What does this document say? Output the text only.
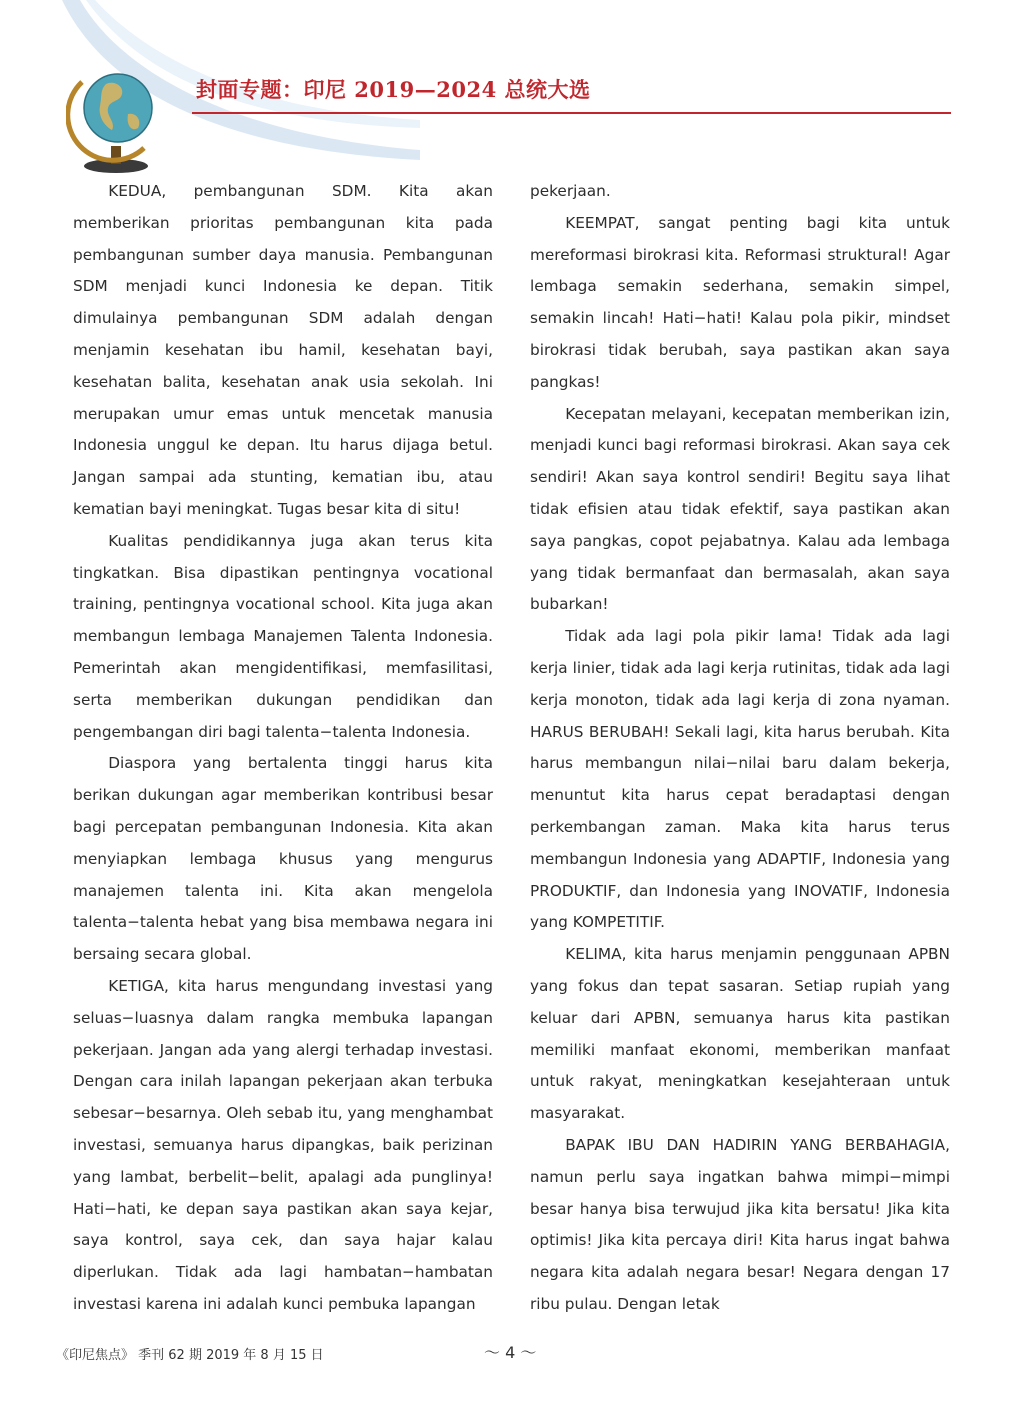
封面专题：印尼 2019—2024 总统大选

KEDUA, pembangunan SDM. Kita akan memberikan prioritas pembangunan kita pada pembangunan sumber daya manusia. Pembangunan SDM menjadi kunci Indonesia ke depan. Titik dimulainya pembangunan SDM adalah dengan menjamin kesehatan ibu hamil, kesehatan bayi, kesehatan balita, kesehatan anak usia sekolah. Ini merupakan umur emas untuk mencetak manusia Indonesia unggul ke depan. Itu harus dijaga betul. Jangan sampai ada stunting, kematian ibu, atau kematian bayi meningkat. Tugas besar kita di situ!

Kualitas pendidikannya juga akan terus kita tingkatkan. Bisa dipastikan pentingnya vocational training, pentingnya vocational school. Kita juga akan membangun lembaga Manajemen Talenta Indonesia. Pemerintah akan mengidentifikasi, memfasilitasi, serta memberikan dukungan pendidikan dan pengembangan diri bagi talenta−talenta Indonesia.

Diaspora yang bertalenta tinggi harus kita berikan dukungan agar memberikan kontribusi besar bagi percepatan pembangunan Indonesia. Kita akan menyiapkan lembaga khusus yang mengurus manajemen talenta ini. Kita akan mengelola talenta−talenta hebat yang bisa membawa negara ini bersaing secara global.

KETIGA, kita harus mengundang investasi yang seluas−luasnya dalam rangka membuka lapangan pekerjaan. Jangan ada yang alergi terhadap investasi. Dengan cara inilah lapangan pekerjaan akan terbuka sebesar−besarnya. Oleh sebab itu, yang menghambat investasi, semuanya harus dipangkas, baik perizinan yang lambat, berbelit−belit, apalagi ada punglinya! Hati−hati, ke depan saya pastikan akan saya kejar, saya kontrol, saya cek, dan saya hajar kalau diperlukan. Tidak ada lagi hambatan−hambatan investasi karena ini adalah kunci pembuka lapangan

pekerjaan.

KEEMPAT, sangat penting bagi kita untuk mereformasi birokrasi kita. Reformasi struktural! Agar lembaga semakin sederhana, semakin simpel, semakin lincah! Hati−hati! Kalau pola pikir, mindset birokrasi tidak berubah, saya pastikan akan saya pangkas!

Kecepatan melayani, kecepatan memberikan izin, menjadi kunci bagi reformasi birokrasi. Akan saya cek sendiri! Akan saya kontrol sendiri! Begitu saya lihat tidak efisien atau tidak efektif, saya pastikan akan saya pangkas, copot pejabatnya. Kalau ada lembaga yang tidak bermanfaat dan bermasalah, akan saya bubarkan!

Tidak ada lagi pola pikir lama! Tidak ada lagi kerja linier, tidak ada lagi kerja rutinitas, tidak ada lagi kerja monoton, tidak ada lagi kerja di zona nyaman. HARUS BERUBAH! Sekali lagi, kita harus berubah. Kita harus membangun nilai−nilai baru dalam bekerja, menuntut kita harus cepat beradaptasi dengan perkembangan zaman. Maka kita harus terus membangun Indonesia yang ADAPTIF, Indonesia yang PRODUKTIF, dan Indonesia yang INOVATIF, Indonesia yang KOMPETITIF.

KELIMA, kita harus menjamin penggunaan APBN yang fokus dan tepat sasaran. Setiap rupiah yang keluar dari APBN, semuanya harus kita pastikan memiliki manfaat ekonomi, memberikan manfaat untuk rakyat, meningkatkan kesejahteraan untuk masyarakat.

BAPAK IBU DAN HADIRIN YANG BERBAHAGIA, namun perlu saya ingatkan bahwa mimpi−mimpi besar hanya bisa terwujud jika kita bersatu! Jika kita optimis! Jika kita percaya diri! Kita harus ingat bahwa negara kita adalah negara besar! Negara dengan 17 ribu pulau. Dengan letak

《印尼焦点》 季刊 62 期 2019 年 8 月 15 日	～ 4 ～
